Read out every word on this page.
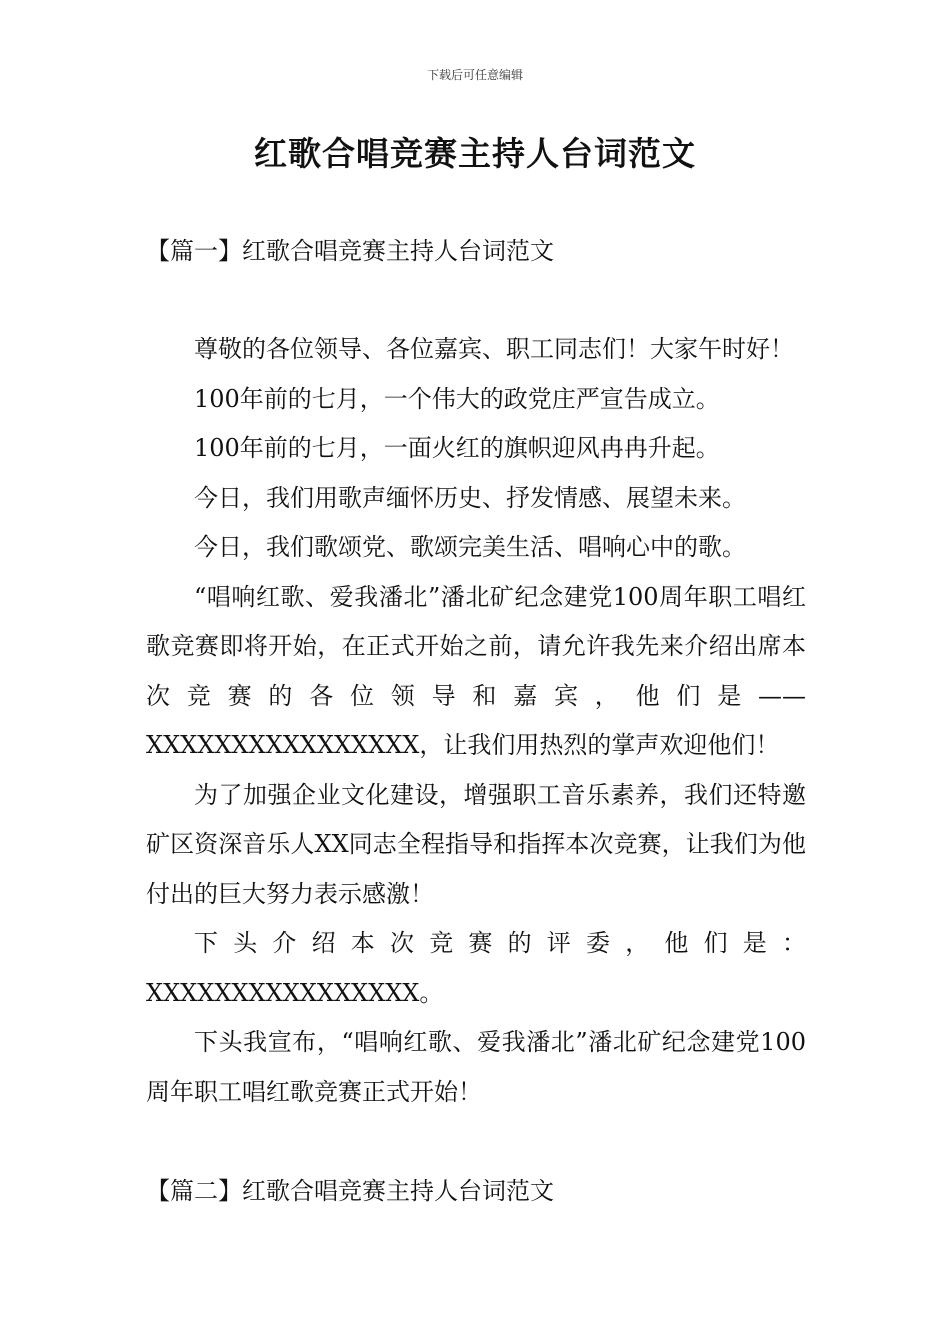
下载后可任意编辑
红歌合唱竞赛主持人台词范文
【篇一】红歌合唱竞赛主持人台词范文

尊敬的各位领导、各位嘉宾、职工同志们！大家午时好！

100年前的七月，一个伟大的政党庄严宣告成立。

100年前的七月，一面火红的旗帜迎风冉冉升起。

今日，我们用歌声缅怀历史、抒发情感、展望未来。

今日，我们歌颂党、歌颂完美生活、唱响心中的歌。

“唱响红歌、爱我潘北”潘北矿纪念建党100周年职工唱红歌竞赛即将开始，在正式开始之前，请允许我先来介绍出席本次竞赛的各位领导和嘉宾，他们是——XXXXXXXXXXXXXXXX，让我们用热烈的掌声欢迎他们！

为了加强企业文化建设，增强职工音乐素养，我们还特邀矿区资深音乐人XX同志全程指导和指挥本次竞赛，让我们为他付出的巨大努力表示感激！

下头介绍本次竞赛的评委，他们是：

XXXXXXXXXXXXXXXX。

下头我宣布，“唱响红歌、爱我潘北”潘北矿纪念建党100周年职工唱红歌竞赛正式开始！

【篇二】红歌合唱竞赛主持人台词范文
